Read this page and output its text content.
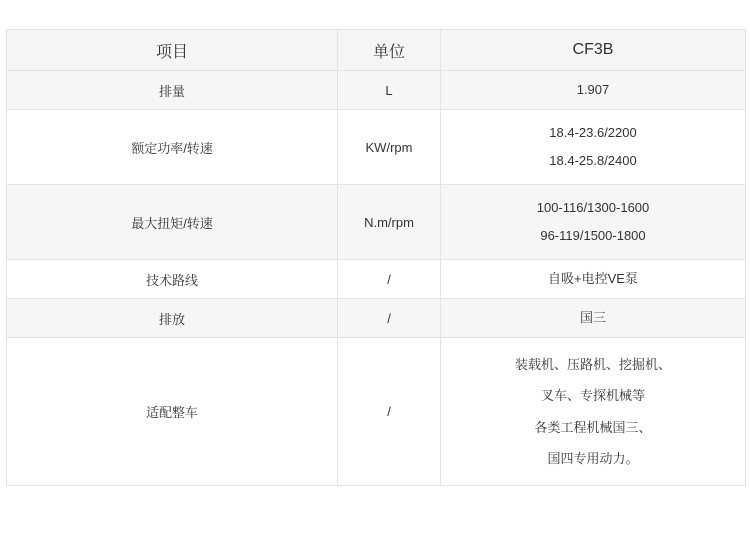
项目	单位	CF3B
排量	L	1.907

额定功率/转速	KW/rpm	18.4-23.6/2200
18.4-25.8/2400

最大扭矩/转速	N.m/rpm	100-116/1300-1600
96-119/1500-1800

技术路线	/	自吸+电控VE泵

排放	/	国三

适配整车	/	装载机、压路机、挖掘机、
叉车、专探机械等
各类工程机械国三、
国四专用动力。
